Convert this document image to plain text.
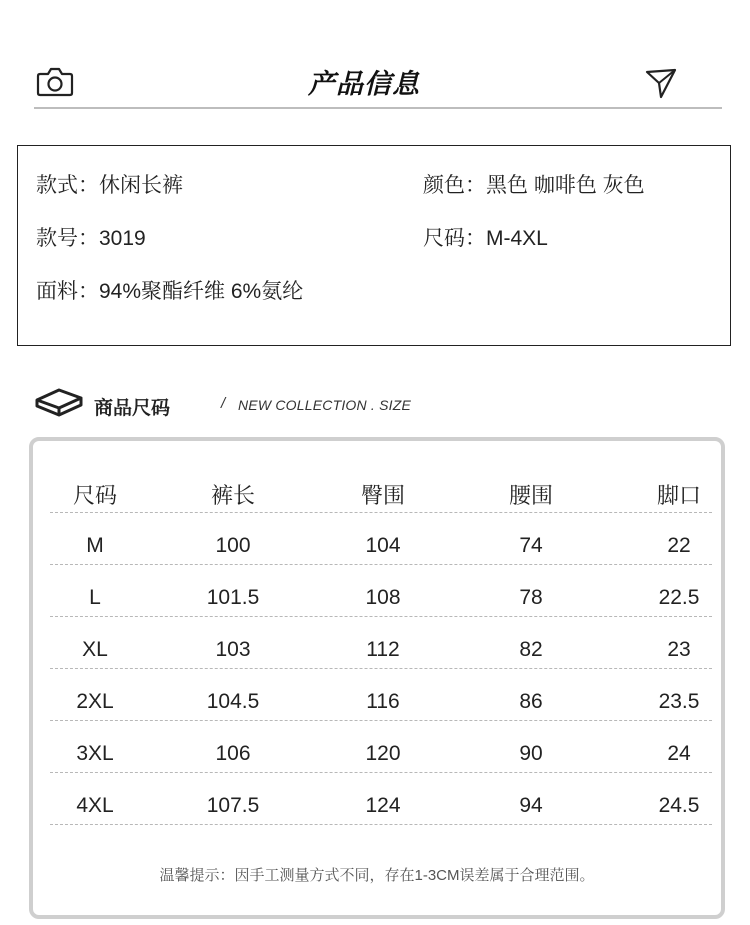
产品信息
款式：休闲长裤	颜色：黑色 咖啡色 灰色
款号：3019	尺码：M-4XL
面料：94%聚酯纤维 6%氨纶
商品尺码	/ NEW COLLECTION . SIZE
尺码	裤长	臀围	腰围	脚口
M	100	104	74	22
L	101.5	108	78	22.5
XL	103	112	82	23
2XL	104.5	116	86	23.5
3XL	106	120	90	24
4XL	107.5	124	94	24.5
温馨提示：因手工测量方式不同，存在1-3CM误差属于合理范围。
